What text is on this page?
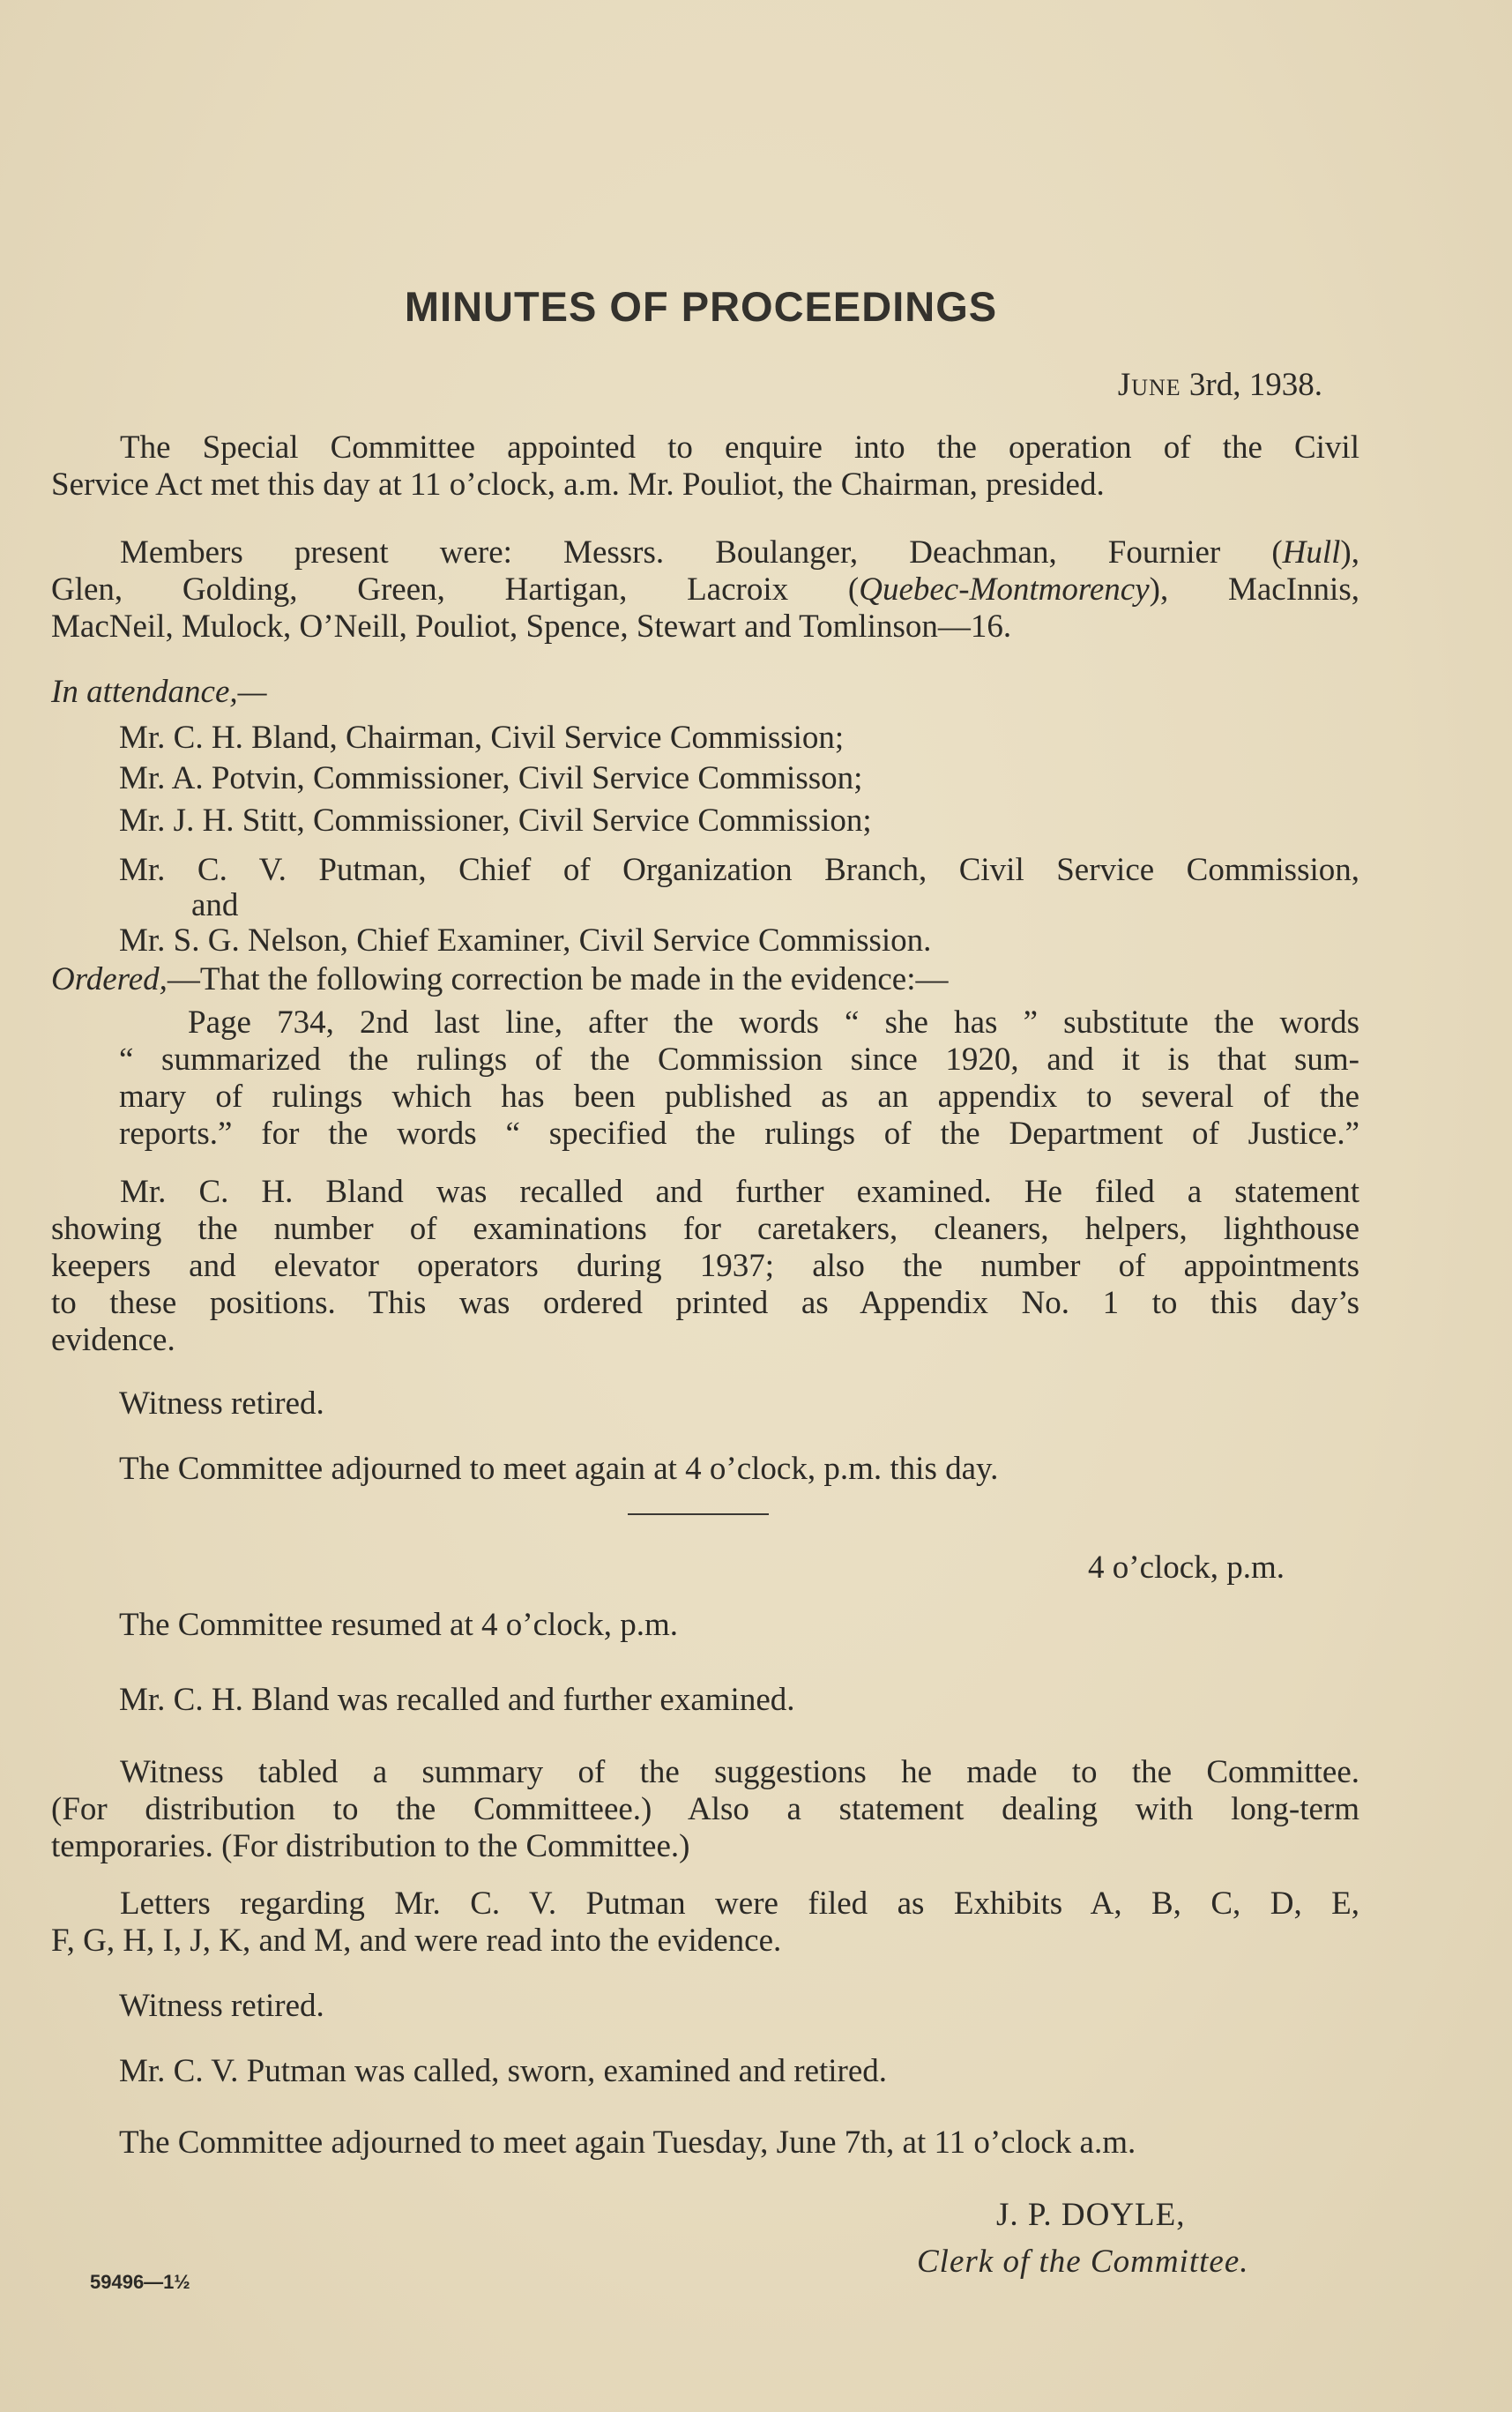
MINUTES OF PROCEEDINGS
June 3rd, 1938.
The Special Committee appointed to enquire into the operation of the Civil
Service Act met this day at 11 o’clock, a.m. Mr. Pouliot, the Chairman, presided.
Members present were: Messrs. Boulanger, Deachman, Fournier (Hull),
Glen, Golding, Green, Hartigan, Lacroix (Quebec-Montmorency), MacInnis,
MacNeil, Mulock, O’Neill, Pouliot, Spence, Stewart and Tomlinson—16.
In attendance,—
Mr. C. H. Bland, Chairman, Civil Service Commission;
Mr. A. Potvin, Commissioner, Civil Service Commisson;
Mr. J. H. Stitt, Commissioner, Civil Service Commission;
Mr. C. V. Putman, Chief of Organization Branch, Civil Service Commission,
and
Mr. S. G. Nelson, Chief Examiner, Civil Service Commission.
Ordered,—That the following correction be made in the evidence:—
Page 734, 2nd last line, after the words “ she has ” substitute the words
“ summarized the rulings of the Commission since 1920, and it is that sum-
mary of rulings which has been published as an appendix to several of the
reports.” for the words “ specified the rulings of the Department of Justice.”
Mr. C. H. Bland was recalled and further examined. He filed a statement
showing the number of examinations for caretakers, cleaners, helpers, lighthouse
keepers and elevator operators during 1937; also the number of appointments
to these positions. This was ordered printed as Appendix No. 1 to this day’s
evidence.
Witness retired.
The Committee adjourned to meet again at 4 o’clock, p.m. this day.
4 o’clock, p.m.
The Committee resumed at 4 o’clock, p.m.
Mr. C. H. Bland was recalled and further examined.
Witness tabled a summary of the suggestions he made to the Committee.
(For distribution to the Committeee.) Also a statement dealing with long-term
temporaries. (For distribution to the Committee.)
Letters regarding Mr. C. V. Putman were filed as Exhibits A, B, C, D, E,
F, G, H, I, J, K, and M, and were read into the evidence.
Witness retired.
Mr. C. V. Putman was called, sworn, examined and retired.
The Committee adjourned to meet again Tuesday, June 7th, at 11 o’clock a.m.
J. P. DOYLE,
Clerk of the Committee.
59496—1½
